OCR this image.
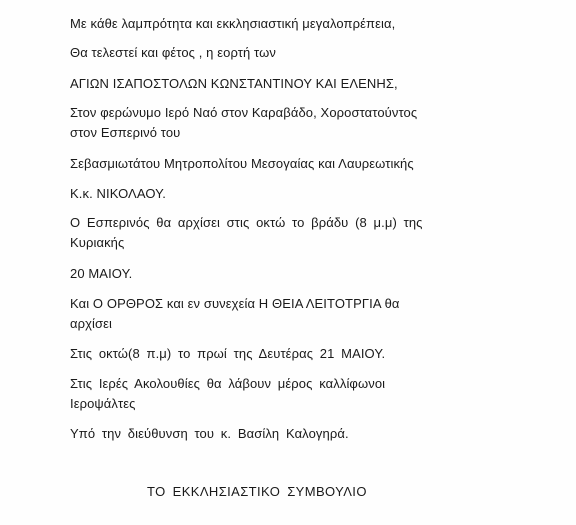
Με κάθε λαμπρότητα και εκκλησιαστική μεγαλοπρέπεια,
Θα τελεστεί και φέτος , η εορτή των
ΑΓΙΩΝ ΙΣΑΠΟΣΤΟΛΩΝ ΚΩΝΣΤΑΝΤΙΝΟΥ ΚΑΙ ΕΛΕΝΗΣ,
Στον φερώνυμο Ιερό Ναό στον Καραβάδο, Χοροστατούντος
στον Εσπερινό του
Σεβασμιωτάτου Μητροπολίτου Μεσογαίας και Λαυρεωτικής
Κ.κ. ΝΙΚΟΛΑΟΥ.
Ο Εσπερινός θα αρχίσει στις οκτώ το βράδυ (8 μ.μ) της
Κυριακής
20 ΜΑΙΟΥ.
Και Ο ΟΡΘΡΟΣ και εν συνεχεία Η ΘΕΙΑ ΛΕΙΤΟΤΡΓΙΑ θα
αρχίσει
Στις οκτώ(8 π.μ) το πρωί της Δευτέρας 21 ΜΑΙΟΥ.
Στις Ιερές Ακολουθίες θα λάβουν μέρος καλλίφωνοι
Ιεροψάλτες
Υπό την διεύθυνση του κ. Βασίλη Καλογηρά.
ΤΟ ΕΚΚΛΗΣΙΑΣΤΙΚΟ ΣΥΜΒΟΥΛΙΟ
